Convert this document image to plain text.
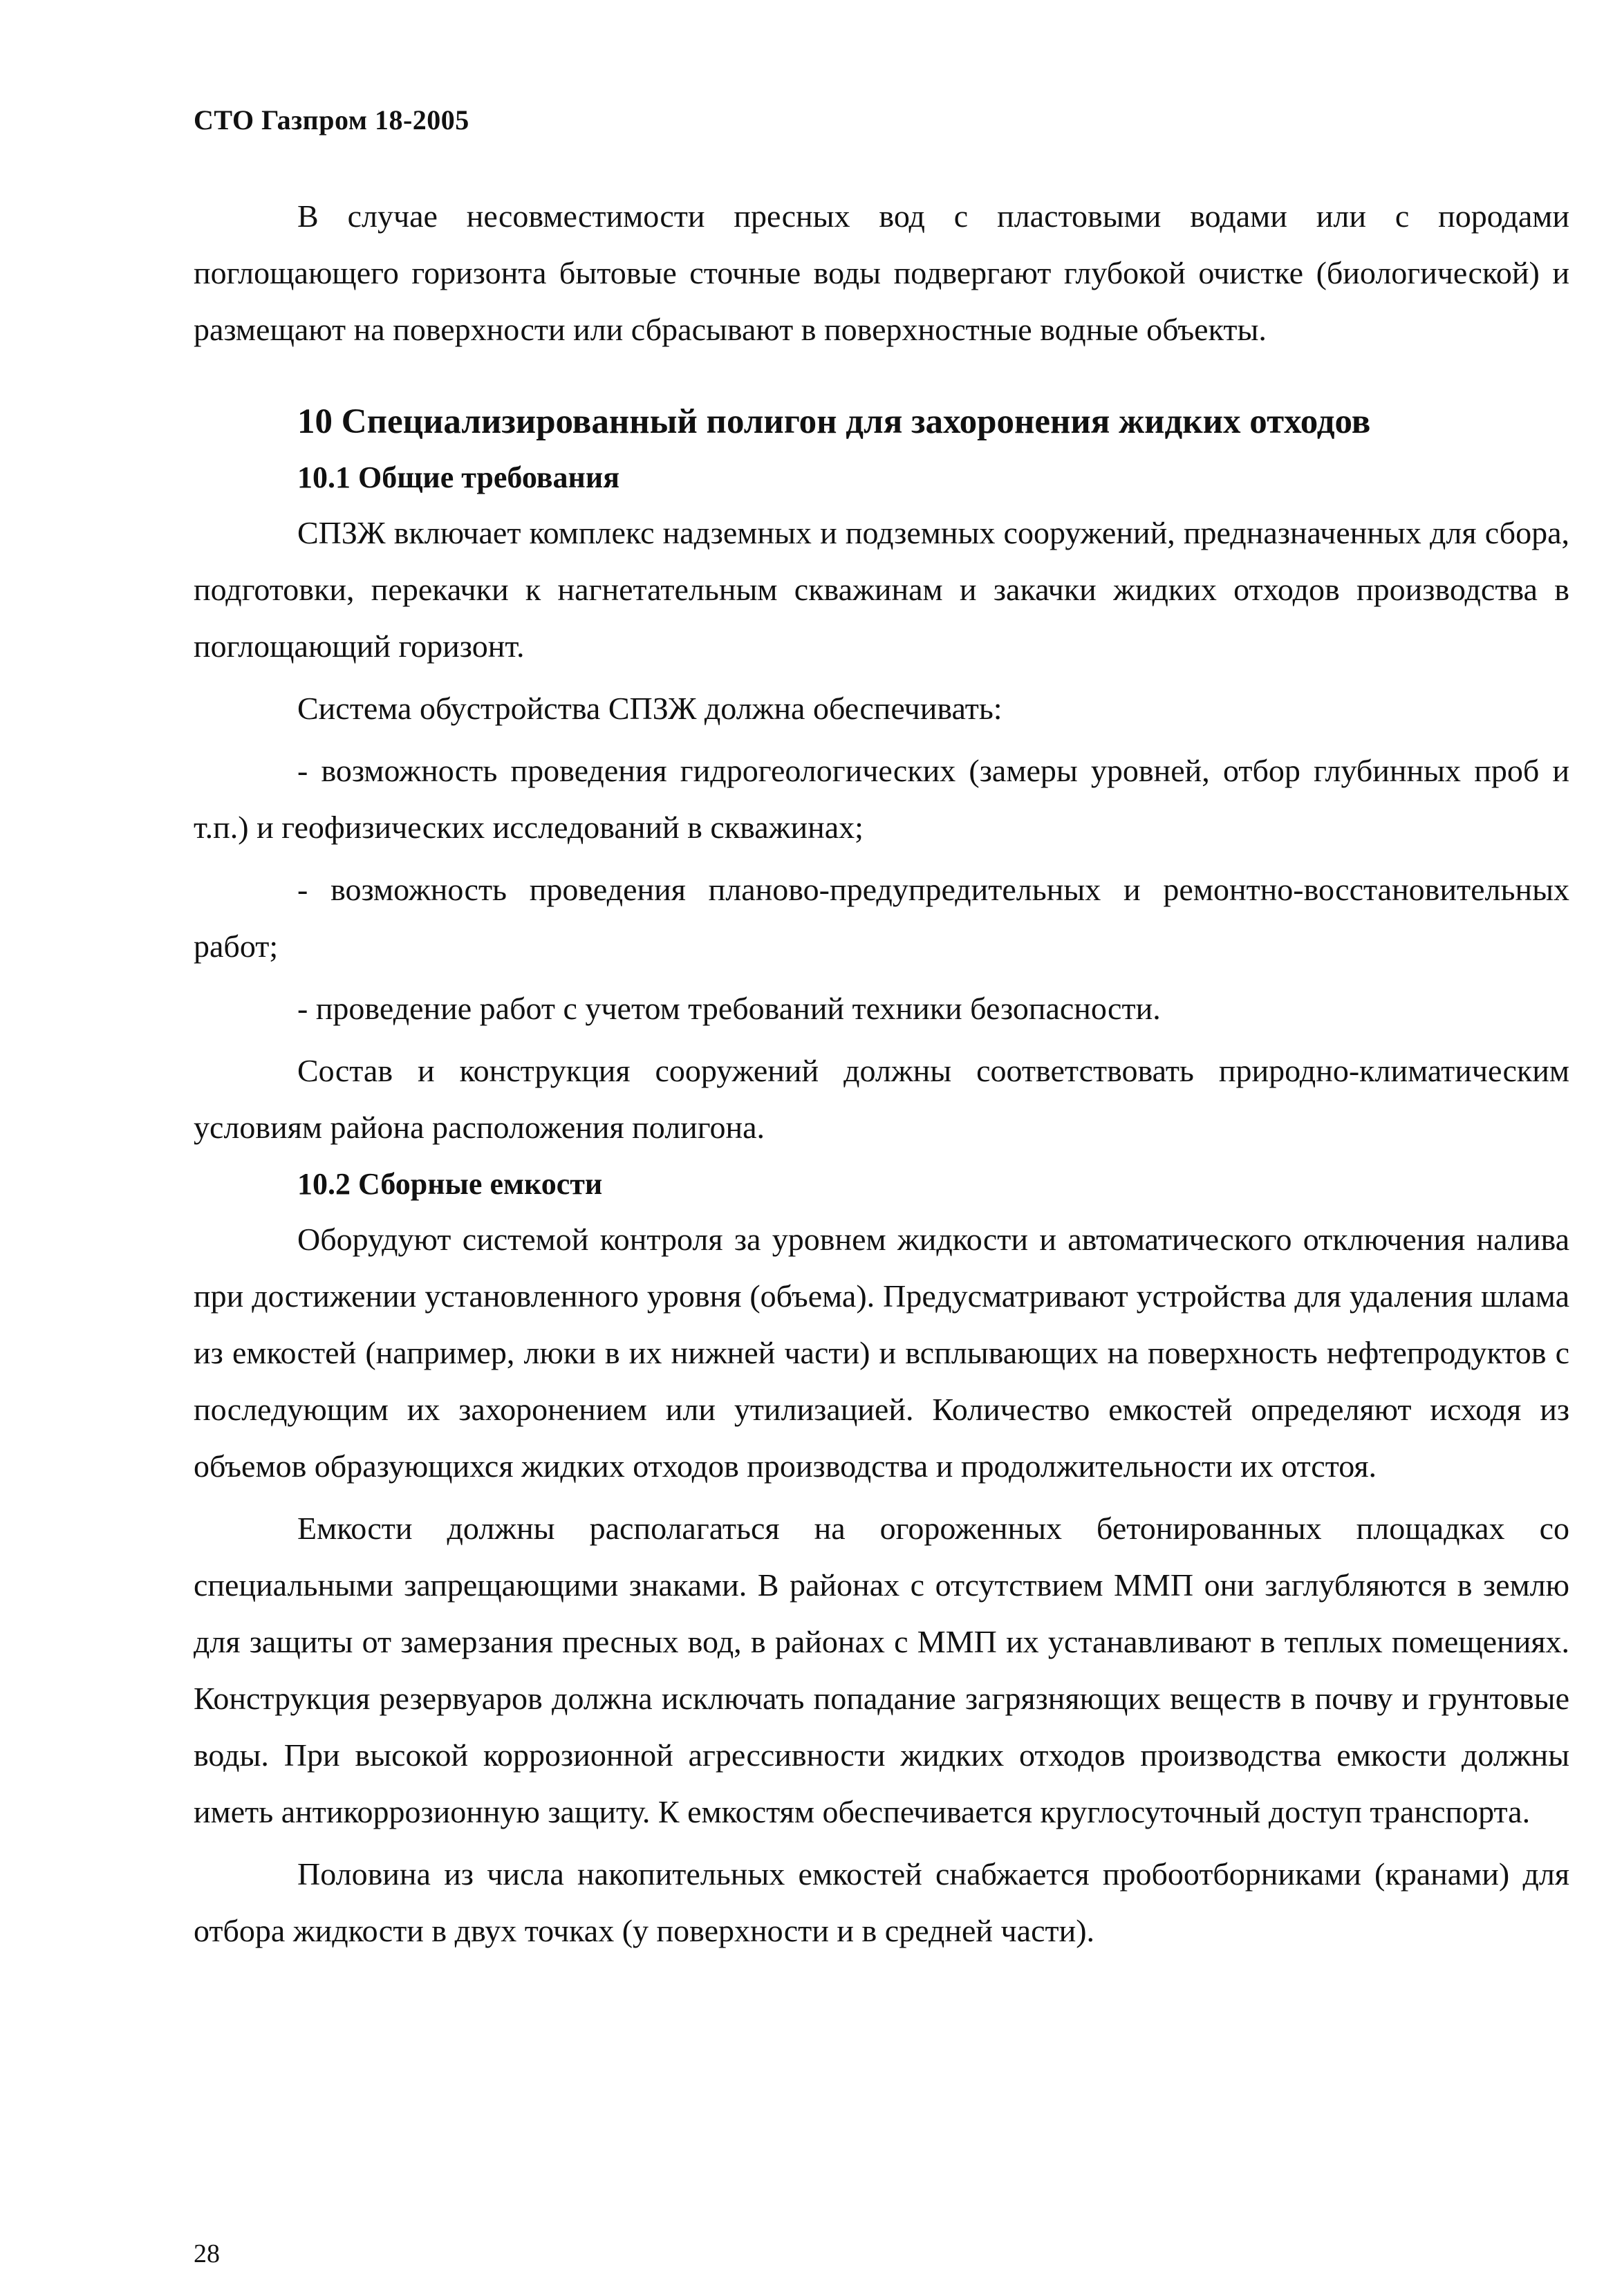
СТО Газпром 18-2005

В случае несовместимости пресных вод с пластовыми водами или с породами поглощающего горизонта бытовые сточные воды подвергают глубокой очистке (биологической) и размещают на поверхности или сбрасывают в поверхностные водные объекты.

10 Специализированный полигон для захоронения жидких отходов
10.1 Общие требования

СПЗЖ включает комплекс надземных и подземных сооружений, предназначенных для сбора, подготовки, перекачки к нагнетательным скважинам и закачки жидких отходов производства в поглощающий горизонт.

Система обустройства СПЗЖ должна обеспечивать:

- возможность проведения гидрогеологических (замеры уровней, отбор глубинных проб и т.п.) и геофизических исследований в скважинах;

- возможность проведения планово-предупредительных и ремонтно-восстановительных работ;

- проведение работ с учетом требований техники безопасности.

Состав и конструкция сооружений должны соответствовать природно-климатическим условиям района расположения полигона.

10.2 Сборные емкости

Оборудуют системой контроля за уровнем жидкости и автоматического отключения налива при достижении установленного уровня (объема). Предусматривают устройства для удаления шлама из емкостей (например, люки в их нижней части) и всплывающих на поверхность нефтепродуктов с последующим их захоронением или утилизацией. Количество емкостей определяют исходя из объемов образующихся жидких отходов производства и продолжительности их отстоя.

Емкости должны располагаться на огороженных бетонированных площадках со специальными запрещающими знаками. В районах с отсутствием ММП они заглубляются в землю для защиты от замерзания пресных вод, в районах с ММП их устанавливают в теплых помещениях. Конструкция резервуаров должна исключать попадание загрязняющих веществ в почву и грунтовые воды. При высокой коррозионной агрессивности жидких отходов производства емкости должны иметь антикоррозионную защиту. К емкостям обеспечивается круглосуточный доступ транспорта.

Половина из числа накопительных емкостей снабжается пробоотборниками (кранами) для отбора жидкости в двух точках (у поверхности и в средней части).

28
